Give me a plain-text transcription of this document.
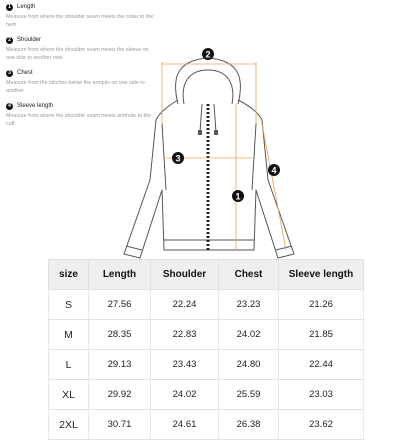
1	Length
Measure from where the shoulder seam meets the collar to the hem.
2	Shoulder
Measure from where the shoulder seam meets the sleeve on one side to another side
3	Chest
Measure from the stitches below the armpits on one side to another
4	Sleeve length
Measure from where the shoulder seam meets armhole to the cuff
2
3
1
4
size	Length	Shoulder	Chest	Sleeve length
S	27.56	22.24	23.23	21.26
M	28.35	22.83	24.02	21.85
L	29.13	23.43	24.80	22.44
XL	29.92	24.02	25.59	23.03
2XL	30.71	24.61	26.38	23.62
